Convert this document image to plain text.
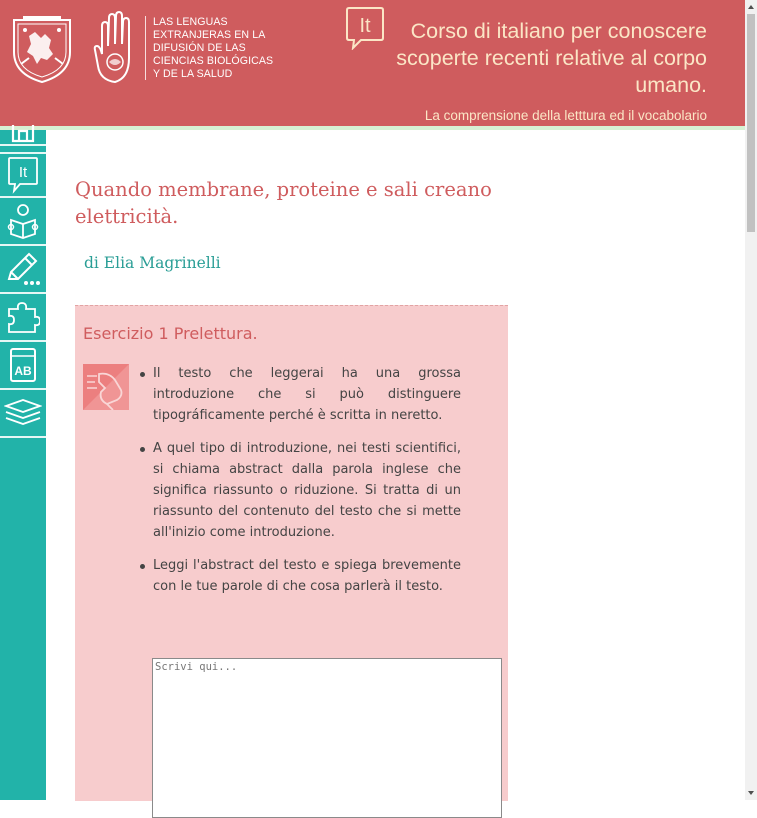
LAS LENGUAS
EXTRANJERAS EN LA
DIFUSIÓN DE LAS
CIENCIAS BIOLÓGICAS
Y DE LA SALUD
It	Corso di italiano per conoscere scoperte recenti relative al corpo umano.
La comprensione della letttura ed il vocabolario
It
AB
Quando membrane, proteine e sali creano elettricità.
di Elia Magrinelli
Esercizio 1 Prelettura.
Il testo che leggerai ha una grossa introduzione che si può distinguere tipográficamente perché è scritta in neretto.
A quel tipo di introduzione, nei testi scientifici, si chiama abstract dalla parola inglese che significa riassunto o riduzione. Si tratta di un riassunto del contenuto del testo che si mette all'inizio come introduzione.
Leggi l'abstract del testo e spiega brevemente con le tue parole di che cosa parlerà il testo.
Scrivi qui...
